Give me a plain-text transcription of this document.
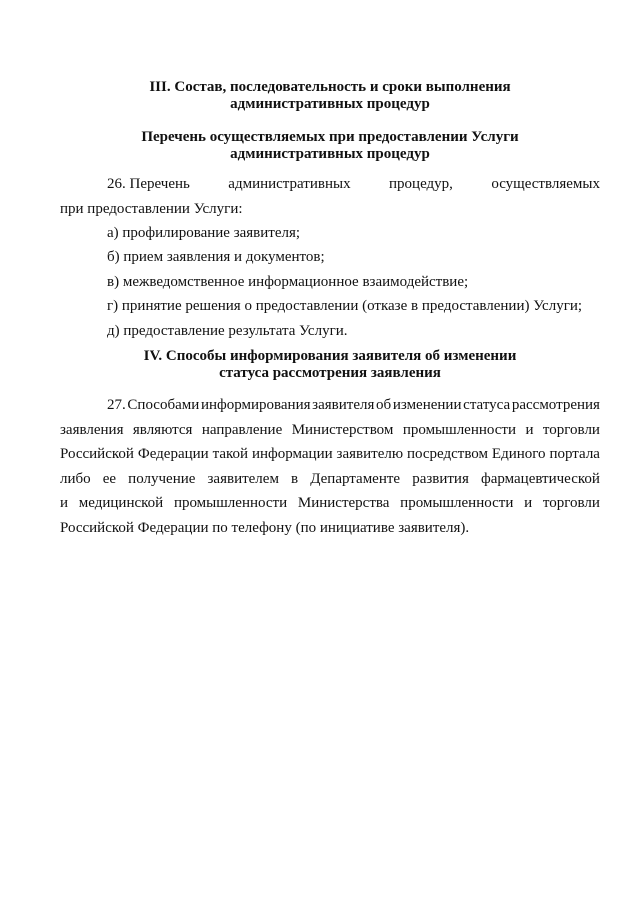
III. Состав, последовательность и сроки выполнения
административных процедур
Перечень осуществляемых при предоставлении Услуги
административных процедур
26. Перечень	административных	процедур,	осуществляемых
при предоставлении Услуги:
а) профилирование заявителя;
б) прием заявления и документов;
в) межведомственное информационное взаимодействие;
г) принятие решения о предоставлении (отказе в предоставлении) Услуги;
д) предоставление результата Услуги.
IV. Способы информирования заявителя об изменении
статуса рассмотрения заявления
27. Способами информирования заявителя об изменении статуса рассмотрения
заявления являются направление Министерством промышленности и торговли
Российской Федерации такой информации заявителю посредством Единого портала
либо ее получение заявителем в Департаменте развития фармацевтической
и медицинской промышленности Министерства промышленности и торговли
Российской Федерации по телефону (по инициативе заявителя).
